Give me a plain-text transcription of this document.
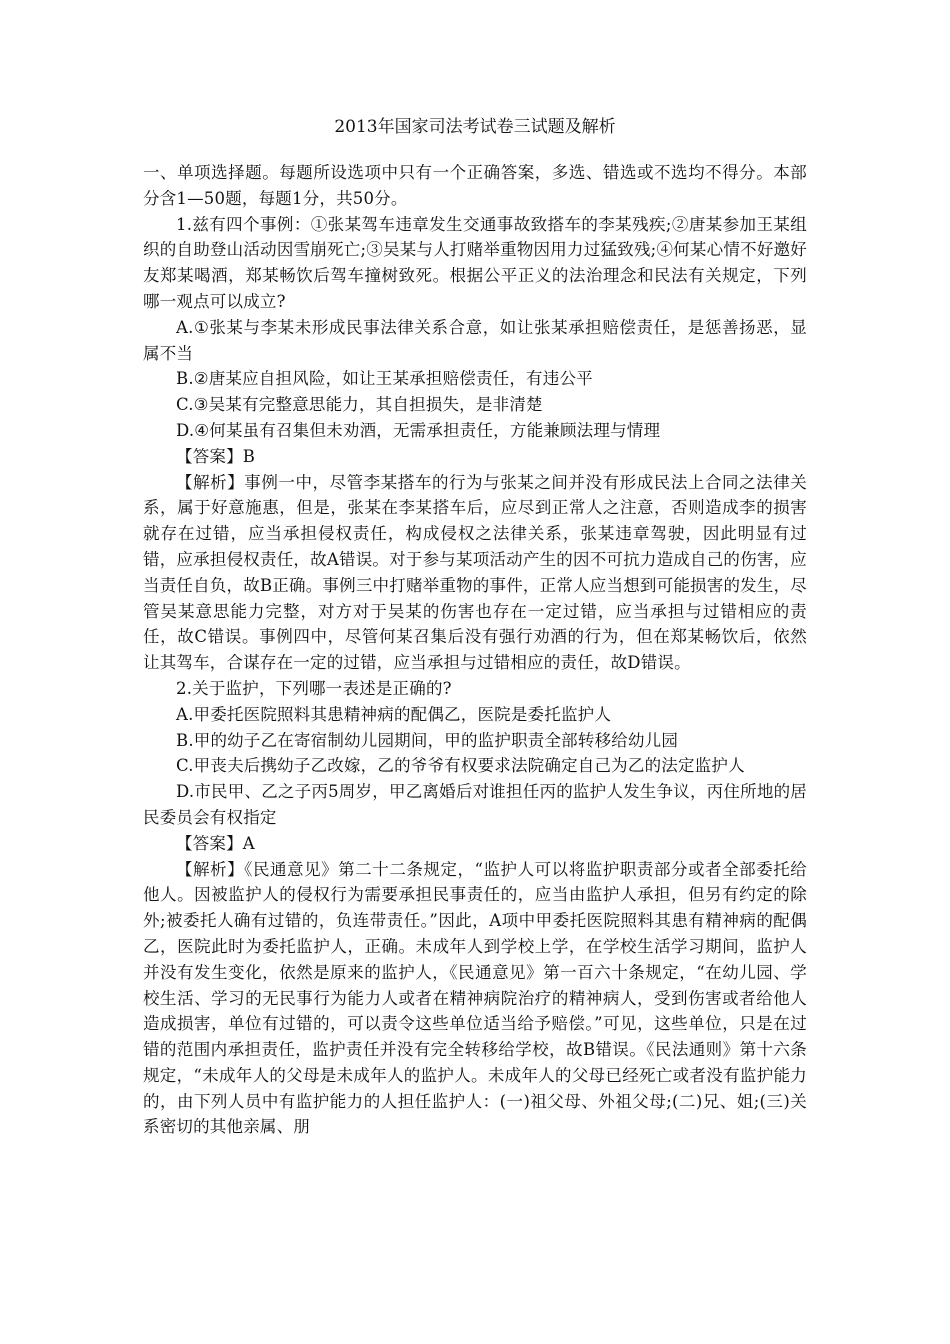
2013年国家司法考试卷三试题及解析

一、单项选择题。每题所设选项中只有一个正确答案，多选、错选或不选均不得分。本部分含1—50题，每题1分，共50分。

1.兹有四个事例：①张某驾车违章发生交通事故致搭车的李某残疾;②唐某参加王某组织的自助登山活动因雪崩死亡;③吴某与人打赌举重物因用力过猛致残;④何某心情不好邀好友郑某喝酒，郑某畅饮后驾车撞树致死。根据公平正义的法治理念和民法有关规定，下列哪一观点可以成立?

A.①张某与李某未形成民事法律关系合意，如让张某承担赔偿责任，是惩善扬恶，显属不当

B.②唐某应自担风险，如让王某承担赔偿责任，有违公平

C.③吴某有完整意思能力，其自担损失，是非清楚

D.④何某虽有召集但未劝酒，无需承担责任，方能兼顾法理与情理

【答案】B

【解析】事例一中，尽管李某搭车的行为与张某之间并没有形成民法上合同之法律关系，属于好意施惠，但是，张某在李某搭车后，应尽到正常人之注意，否则造成李的损害就存在过错，应当承担侵权责任，构成侵权之法律关系，张某违章驾驶，因此明显有过错，应承担侵权责任，故A错误。对于参与某项活动产生的因不可抗力造成自己的伤害，应当责任自负，故B正确。事例三中打赌举重物的事件，正常人应当想到可能损害的发生，尽管吴某意思能力完整，对方对于吴某的伤害也存在一定过错，应当承担与过错相应的责任，故C错误。事例四中，尽管何某召集后没有强行劝酒的行为，但在郑某畅饮后，依然让其驾车，合谋存在一定的过错，应当承担与过错相应的责任，故D错误。

2.关于监护，下列哪一表述是正确的?

A.甲委托医院照料其患精神病的配偶乙，医院是委托监护人

B.甲的幼子乙在寄宿制幼儿园期间，甲的监护职责全部转移给幼儿园

C.甲丧夫后携幼子乙改嫁，乙的爷爷有权要求法院确定自己为乙的法定监护人

D.市民甲、乙之子丙5周岁，甲乙离婚后对谁担任丙的监护人发生争议，丙住所地的居民委员会有权指定

【答案】A

【解析】《民通意见》第二十二条规定，“监护人可以将监护职责部分或者全部委托给他人。因被监护人的侵权行为需要承担民事责任的，应当由监护人承担，但另有约定的除外;被委托人确有过错的，负连带责任。”因此，A项中甲委托医院照料其患有精神病的配偶乙，医院此时为委托监护人，正确。未成年人到学校上学，在学校生活学习期间，监护人并没有发生变化，依然是原来的监护人，《民通意见》第一百六十条规定，“在幼儿园、学校生活、学习的无民事行为能力人或者在精神病院治疗的精神病人，受到伤害或者给他人造成损害，单位有过错的，可以责令这些单位适当给予赔偿。”可见，这些单位，只是在过错的范围内承担责任，监护责任并没有完全转移给学校，故B错误。《民法通则》第十六条规定，“未成年人的父母是未成年人的监护人。未成年人的父母已经死亡或者没有监护能力的，由下列人员中有监护能力的人担任监护人：(一)祖父母、外祖父母;(二)兄、姐;(三)关系密切的其他亲属、朋
